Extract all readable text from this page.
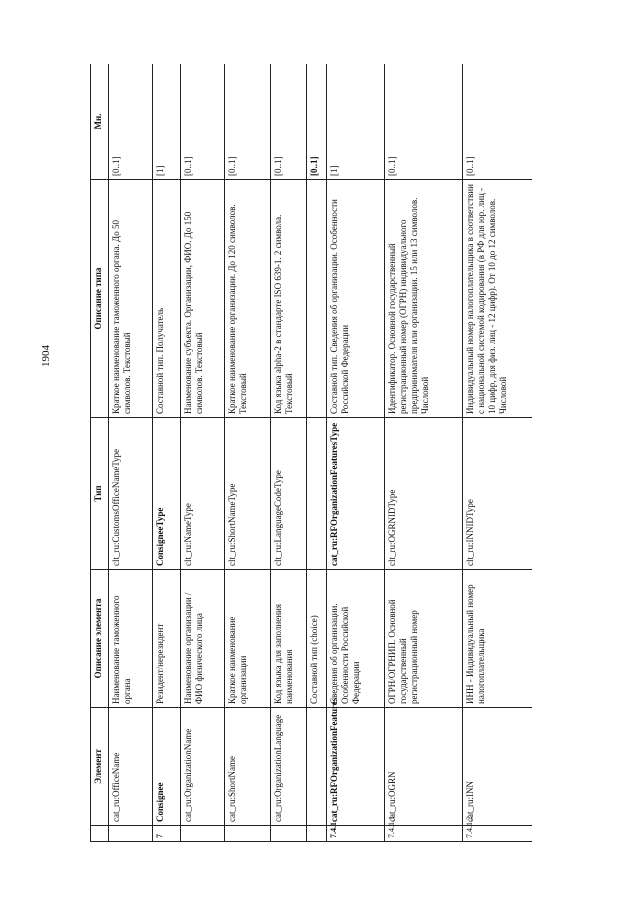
1904
	Элемент	Описание элемента	Тип	Описание типа	Мн.
	cat_ru:OfficeName	Наименование таможенного органа	clt_ru:CustomsOfficeNameType	Краткое наименование таможенного органа. До 50 символов. Текстовый	[0..1]
7	Consignee	Резидент/нерезидент	ConsigneeType	Составной тип. Получатель	[1]
	cat_ru:OrganizationName	Наименование организации / ФИО физического лица	clt_ru:NameType	Наименование субъекта. Организации, ФИО. До 150 символов. Текстовый	[0..1]
	cat_ru:ShortName	Краткое наименование организации	clt_ru:ShortNameType	Краткое наименование организации. До 120 символов. Текстовый	[0..1]
	cat_ru:OrganizationLanguage	Код языка для заполнения наименования	clt_ru:LanguageCodeType	Код языка alpha-2 в стандарте ISO 639-1. 2 символа. Текстовый	[0..1]
		Составной тип (choice)			[0..1]
7.4.1	cat_ru:RFOrganizationFeatures	Сведения об организации. Особенности Российской Федерации	cat_ru:RFOrganizationFeaturesType	Составной тип. Сведения об организации. Особенности Российской Федерации	[1]
7.4.1.1	cat_ru:OGRN	ОГРН/ОГРНИП. Основной государственный регистрационный номер	clt_ru:OGRNIDType	Идентификатор. Основной государственный регистрационный номер (ОГРН) индивидуального предпринимателя или организации. 15 или 13 символов. Числовой	[0..1]
7.4.1.2	cat_ru:INN	ИНН - Индивидуальный номер налогоплательщика	clt_ru:INNIDType	Индивидуальный номер налогоплательщика в соответствии с национальной системой кодирования (в РФ для юр. лиц - 10 цифр, для физ. лиц - 12 цифр). От 10 до 12 символов. Числовой	[0..1]
